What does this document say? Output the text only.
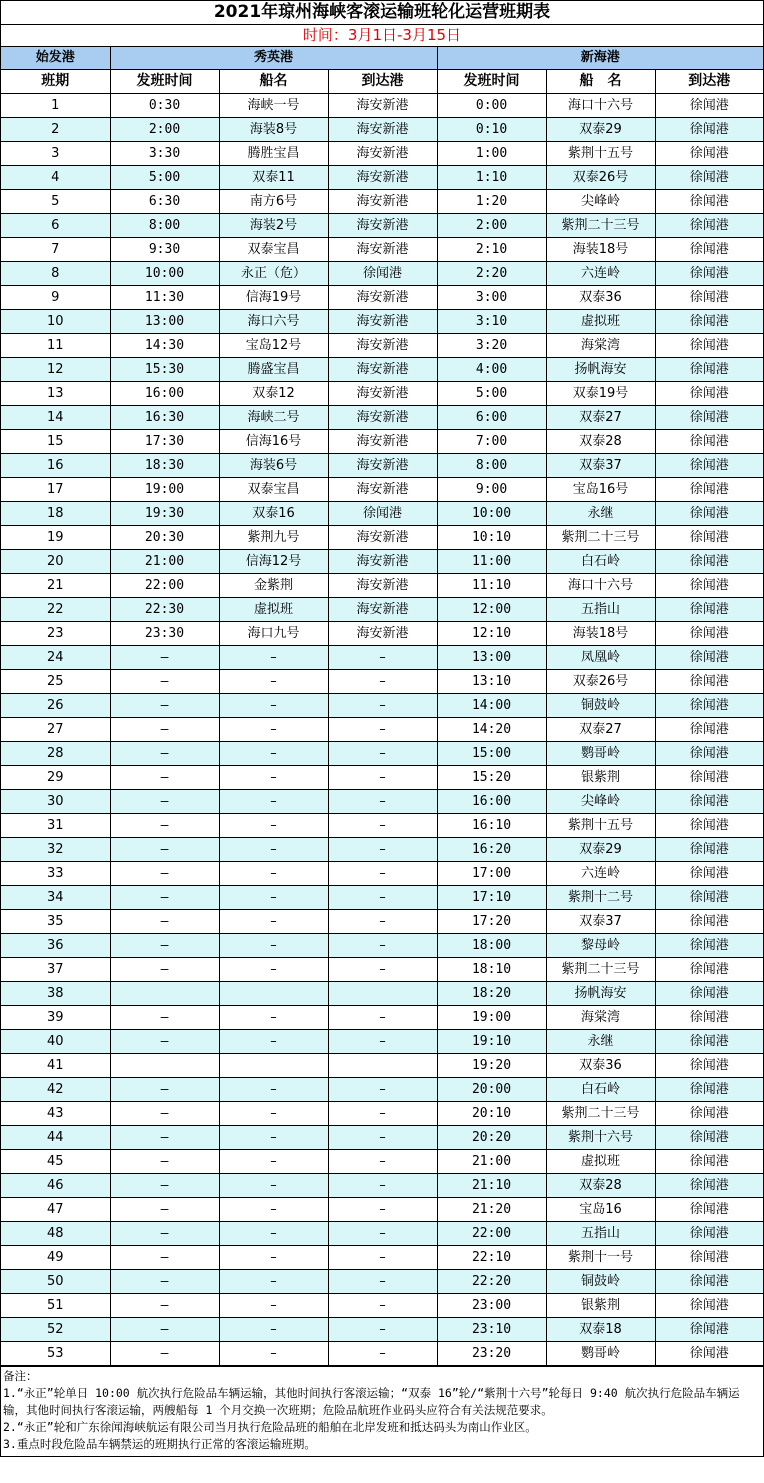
2021年琼州海峡客滚运输班轮化运营班期表
时间：3月1日-3月15日
始发港	秀英港			新海港		
班期	发班时间	船名	到达港	发班时间	船　名	到达港
1	0:30	海峡一号	海安新港	0:00	海口十六号	徐闻港
2	2:00	海装8号	海安新港	0:10	双泰29	徐闻港
3	3:30	腾胜宝昌	海安新港	1:00	紫荆十五号	徐闻港
4	5:00	双泰11	海安新港	1:10	双泰26号	徐闻港
5	6:30	南方6号	海安新港	1:20	尖峰岭	徐闻港
6	8:00	海装2号	海安新港	2:00	紫荆二十三号	徐闻港
7	9:30	双泰宝昌	海安新港	2:10	海装18号	徐闻港
8	10:00	永正（危）	徐闻港	2:20	六连岭	徐闻港
9	11:30	信海19号	海安新港	3:00	双泰36	徐闻港
10	13:00	海口六号	海安新港	3:10	虚拟班	徐闻港
11	14:30	宝岛12号	海安新港	3:20	海棠湾	徐闻港
12	15:30	腾盛宝昌	海安新港	4:00	扬帆海安	徐闻港
13	16:00	双泰12	海安新港	5:00	双泰19号	徐闻港
14	16:30	海峡二号	海安新港	6:00	双泰27	徐闻港
15	17:30	信海16号	海安新港	7:00	双泰28	徐闻港
16	18:30	海装6号	海安新港	8:00	双泰37	徐闻港
17	19:00	双泰宝昌	海安新港	9:00	宝岛16号	徐闻港
18	19:30	双泰16	徐闻港	10:00	永继	徐闻港
19	20:30	紫荆九号	海安新港	10:10	紫荆二十三号	徐闻港
20	21:00	信海12号	海安新港	11:00	白石岭	徐闻港
21	22:00	金紫荆	海安新港	11:10	海口十六号	徐闻港
22	22:30	虚拟班	海安新港	12:00	五指山	徐闻港
23	23:30	海口九号	海安新港	12:10	海装18号	徐闻港
24	–	–	–	13:00	凤凰岭	徐闻港
25	–	–	–	13:10	双泰26号	徐闻港
26	–	–	–	14:00	铜鼓岭	徐闻港
27	–	–	–	14:20	双泰27	徐闻港
28	–	–	–	15:00	鹦哥岭	徐闻港
29	–	–	–	15:20	银紫荆	徐闻港
30	–	–	–	16:00	尖峰岭	徐闻港
31	–	–	–	16:10	紫荆十五号	徐闻港
32	–	–	–	16:20	双泰29	徐闻港
33	–	–	–	17:00	六连岭	徐闻港
34	–	–	–	17:10	紫荆十二号	徐闻港
35	–	–	–	17:20	双泰37	徐闻港
36	–	–	–	18:00	黎母岭	徐闻港
37	–	–	–	18:10	紫荆二十三号	徐闻港
38				18:20	扬帆海安	徐闻港
39	–	–	–	19:00	海棠湾	徐闻港
40	–	–	–	19:10	永继	徐闻港
41				19:20	双泰36	徐闻港
42	–	–	–	20:00	白石岭	徐闻港
43	–	–	–	20:10	紫荆二十三号	徐闻港
44	–	–	–	20:20	紫荆十六号	徐闻港
45	–	–	–	21:00	虚拟班	徐闻港
46	–	–	–	21:10	双泰28	徐闻港
47	–	–	–	21:20	宝岛16	徐闻港
48	–	–	–	22:00	五指山	徐闻港
49	–	–	–	22:10	紫荆十一号	徐闻港
50	–	–	–	22:20	铜鼓岭	徐闻港
51	–	–	–	23:00	银紫荆	徐闻港
52	–	–	–	23:10	双泰18	徐闻港
53	–	–	–	23:20	鹦哥岭	徐闻港
备注：
1.“永正”轮单日 10:00 航次执行危险品车辆运输，其他时间执行客滚运输；“双泰 16”轮/“紫荆十六号”轮每日 9:40 航次执行危险品车辆运输，其他时间执行客滚运输，两艘船每 1 个月交换一次班期；危险品航班作业码头应符合有关法规范要求。
2.“永正”轮和广东徐闻海峡航运有限公司当月执行危险品班的船舶在北岸发班和抵达码头为南山作业区。
3.重点时段危险品车辆禁运的班期执行正常的客滚运输班期。
